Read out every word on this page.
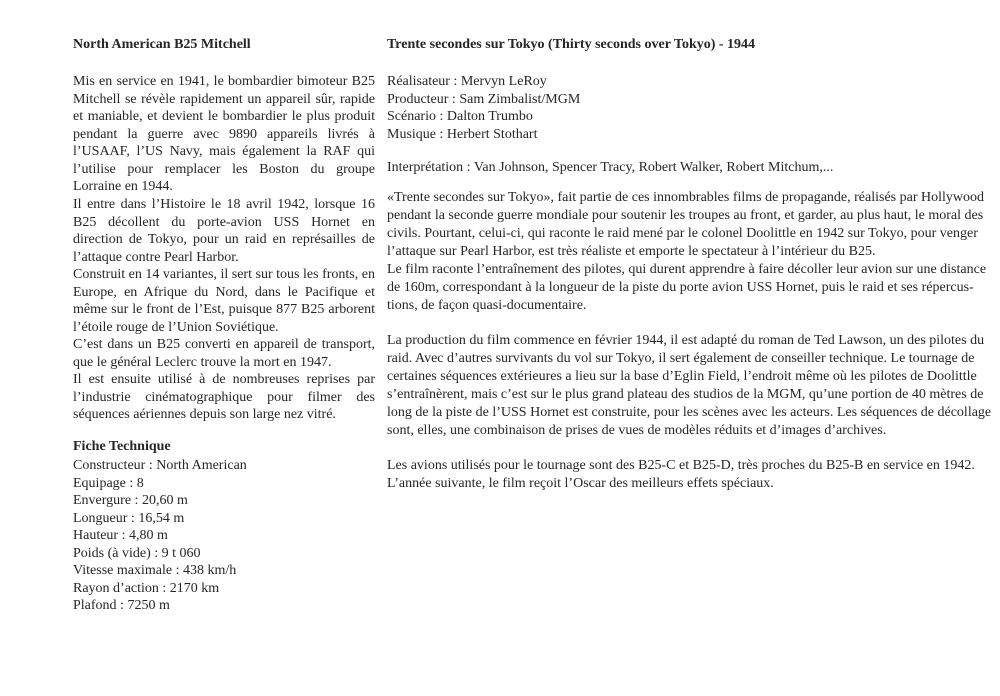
North American B25 Mitchell

Mis en service en 1941, le bombardier bimoteur B25 Mitchell se révèle rapidement un appareil sûr, rapide et maniable, et devient le bombardier le plus produit pendant la guerre avec 9890 appareils livrés à l’USAAF, l’US Navy, mais également la RAF qui l’utilise pour remplacer les Boston du groupe Lorraine en 1944.

Il entre dans l’Histoire le 18 avril 1942, lorsque 16 B25 décollent du porte-avion USS Hornet en direction de Tokyo, pour un raid en représailles de l’attaque contre Pearl Harbor.

Construit en 14 variantes, il sert sur tous les fronts, en Europe, en Afrique du Nord, dans le Pacifique et même sur le front de l’Est, puisque 877 B25 arborent l’étoile rouge de l’Union Soviétique.

C’est dans un B25 converti en appareil de transport, que le général Leclerc trouve la mort en 1947.

Il est ensuite utilisé à de nombreuses reprises par l’industrie cinématographique pour filmer des séquences aériennes depuis son large nez vitré.

Fiche Technique
Constructeur : North American
Equipage : 8
Envergure : 20,60 m
Longueur : 16,54 m
Hauteur : 4,80 m
Poids (à vide) : 9 t 060
Vitesse maximale : 438 km/h
Rayon d’action : 2170 km
Plafond : 7250 m
Trente secondes sur Tokyo (Thirty seconds over Tokyo) - 1944
Réalisateur : Mervyn LeRoy
Producteur : Sam Zimbalist/MGM
Scénario : Dalton Trumbo
Musique : Herbert Stothart

Interprétation : Van Johnson, Spencer Tracy, Robert Walker, Robert Mitchum,...

«Trente secondes sur Tokyo», fait partie de ces innombrables films de propagande, réalisés par Hollywood

pendant la seconde guerre mondiale pour soutenir les troupes au front, et garder, au plus haut, le moral des

civils. Pourtant, celui-ci, qui raconte le raid mené par le colonel Doolittle en 1942 sur Tokyo, pour venger

l’attaque sur Pearl Harbor, est très réaliste et emporte le spectateur à l’intérieur du B25.

Le film raconte l’entraînement des pilotes, qui durent apprendre à faire décoller leur avion sur une distance

de 160m, correspondant à la longueur de la piste du porte avion USS Hornet, puis le raid et ses répercus-

tions, de façon quasi-documentaire.

La production du film commence en février 1944, il est adapté du roman de Ted Lawson, un des pilotes du

raid. Avec d’autres survivants du vol sur Tokyo, il sert également de conseiller technique. Le tournage de

certaines séquences extérieures a lieu sur la base d’Eglin Field, l’endroit même où les pilotes de Doolittle

s’entraînèrent, mais c’est sur le plus grand plateau des studios de la MGM, qu’une portion de 40 mètres de

long de la piste de l’USS Hornet est construite, pour les scènes avec les acteurs. Les séquences de décollage

sont, elles, une combinaison de prises de vues de modèles réduits et d’images d’archives.

Les avions utilisés pour le tournage sont des B25-C et B25-D, très proches du B25-B en service en 1942.

L’année suivante, le film reçoit l’Oscar des meilleurs effets spéciaux.
